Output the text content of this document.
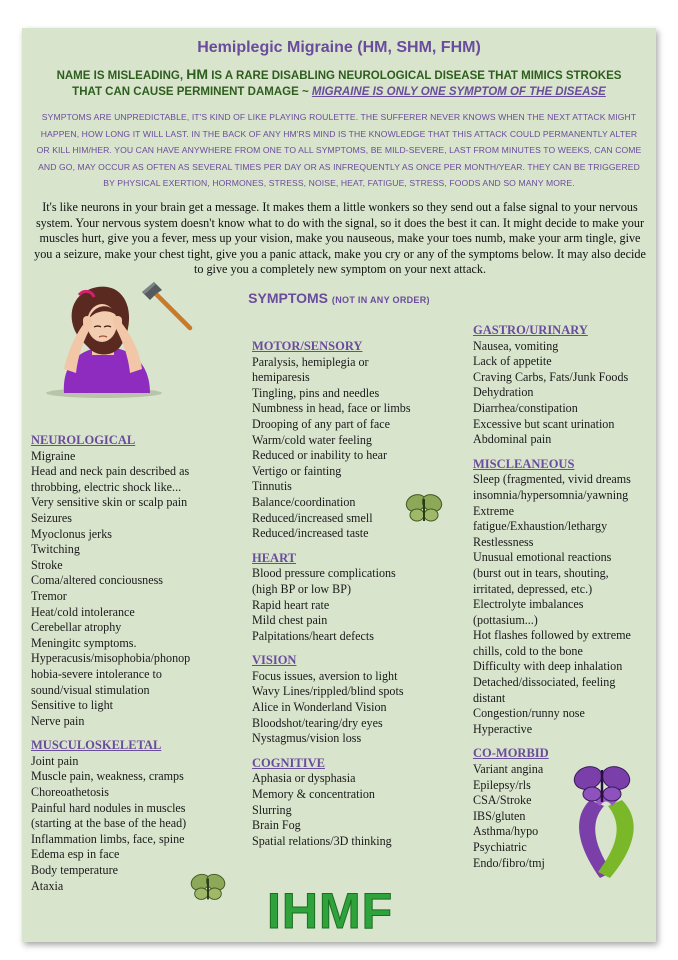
Hemiplegic Migraine (HM, SHM, FHM)
NAME IS MISLEADING, HM IS A RARE DISABLING NEUROLOGICAL DISEASE THAT MIMICS STROKES
THAT CAN CAUSE PERMINENT DAMAGE ~ MIGRAINE IS ONLY ONE SYMPTOM OF THE DISEASE
SYMPTOMS ARE UNPREDICTABLE, IT'S KIND OF LIKE PLAYING ROULETTE. THE SUFFERER NEVER KNOWS WHEN THE NEXT ATTACK MIGHT HAPPEN, HOW LONG IT WILL LAST. IN THE BACK OF ANY HM'RS MIND IS THE KNOWLEDGE THAT THIS ATTACK COULD PERMANENTLY ALTER OR KILL HIM/HER. YOU CAN HAVE ANYWHERE FROM ONE TO ALL SYMPTOMS, BE MILD-SEVERE, LAST FROM MINUTES TO WEEKS, CAN COME AND GO, MAY OCCUR AS OFTEN AS SEVERAL TIMES PER DAY OR AS INFREQUENTLY AS ONCE PER MONTH/YEAR. THEY CAN BE TRIGGERED BY PHYSICAL EXERTION, HORMONES, STRESS, NOISE, HEAT, FATIGUE, STRESS, FOODS AND SO MANY MORE.
It's like neurons in your brain get a message. It makes them a little wonkers so they send out a false signal to your nervous system. Your nervous system doesn't know what to do with the signal, so it does the best it can. It might decide to make your muscles hurt, give you a fever, mess up your vision, make you nauseous, make your toes numb, make your arm tingle, give you a seizure, make your chest tight, give you a panic attack, make you cry or any of the symptoms below. It may also decide to give you a completely new symptom on your next attack.
SYMPTOMS (NOT IN ANY ORDER)
NEUROLOGICAL
Migraine
Head and neck pain described as
throbbing, electric shock like...
Very sensitive skin or scalp pain
Seizures
Myoclonus jerks
Twitching
Stroke
Coma/altered conciousness
Tremor
Heat/cold intolerance
Cerebellar atrophy
Meningitc symptoms.
Hyperacusis/misophobia/phonop
hobia-severe intolerance to
sound/visual stimulation
Sensitive to light
Nerve pain
MUSCULOSKELETAL
Joint pain
Muscle pain, weakness, cramps
Choreoathetosis
Painful hard nodules in muscles
(starting at the base of the head)
Inflammation limbs, face, spine
Edema esp in face
Body temperature
Ataxia
MOTOR/SENSORY
Paralysis, hemiplegia or
hemiparesis
Tingling, pins and needles
Numbness in head, face or limbs
Drooping of any part of face
Warm/cold water feeling
Reduced or inability to hear
Vertigo or fainting
Tinnutis
Balance/coordination
Reduced/increased smell
Reduced/increased taste
HEART
Blood pressure complications
(high BP or low BP)
Rapid heart rate
Mild chest pain
Palpitations/heart defects
VISION
Focus issues, aversion to light
Wavy Lines/rippled/blind spots
Alice in Wonderland Vision
Bloodshot/tearing/dry eyes
Nystagmus/vision loss
COGNITIVE
Aphasia or dysphasia
Memory & concentration
Slurring
Brain Fog
Spatial relations/3D thinking
GASTRO/URINARY
Nausea, vomiting
Lack of appetite
Craving Carbs, Fats/Junk Foods
Dehydration
Diarrhea/constipation
Excessive but scant urination
Abdominal pain
MISCLEANEOUS
Sleep (fragmented, vivid dreams
insomnia/hypersomnia/yawning
Extreme
fatigue/Exhaustion/lethargy
Restlessness
Unusual emotional reactions
(burst out in tears, shouting,
irritated, depressed, etc.)
Electrolyte imbalances
(pottasium...)
Hot flashes followed by extreme
chills, cold to the bone
Difficulty with deep inhalation
Detached/dissociated, feeling
distant
Congestion/runny nose
Hyperactive
CO-MORBID
Variant angina
Epilepsy/rls
CSA/Stroke
IBS/gluten
Asthma/hypo
Psychiatric
Endo/fibro/tmj
IHMF
